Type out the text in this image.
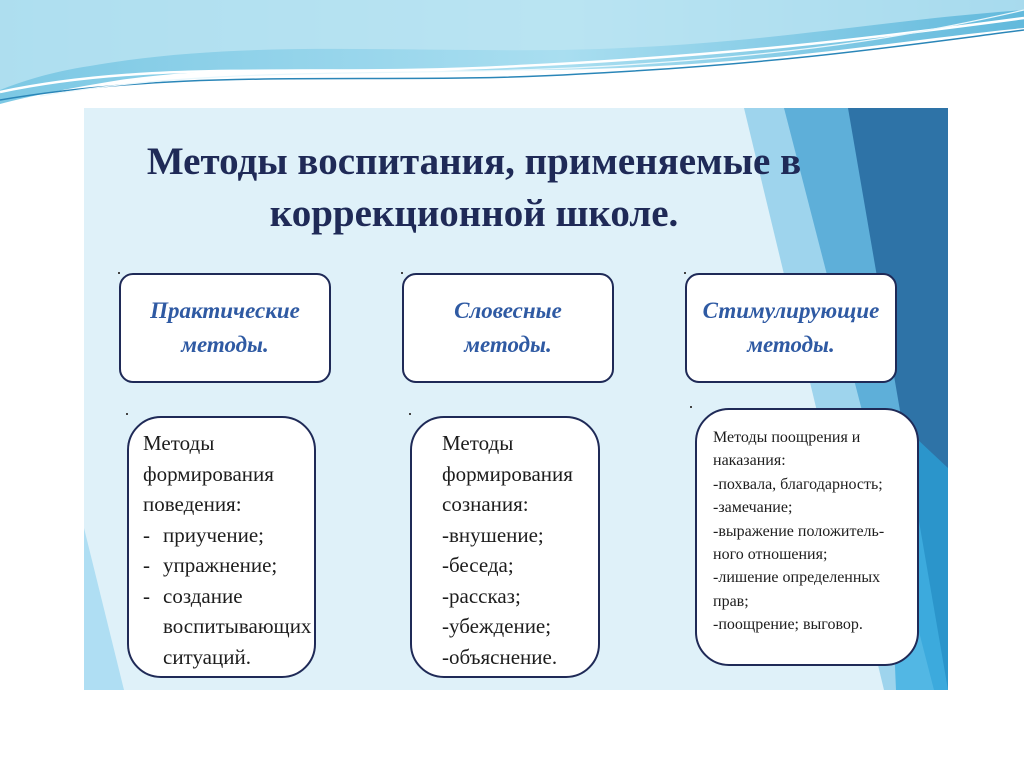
Методы воспитания, применяемые в
коррекционной школе.
Практические
методы.
Словесные
методы.
Стимулирующие
методы.
Методы
формирования
поведения:
- приучение;
- упражнение;
- создание
воспитывающих
ситуаций.
Методы
формирования
сознания:
-внушение;
-беседа;
-рассказ;
-убеждение;
-объяснение.
Методы поощрения и
наказания:
-похвала, благодарность;
-замечание;
-выражение положитель-
ного отношения;
-лишение определенных
прав;
-поощрение; выговор.
